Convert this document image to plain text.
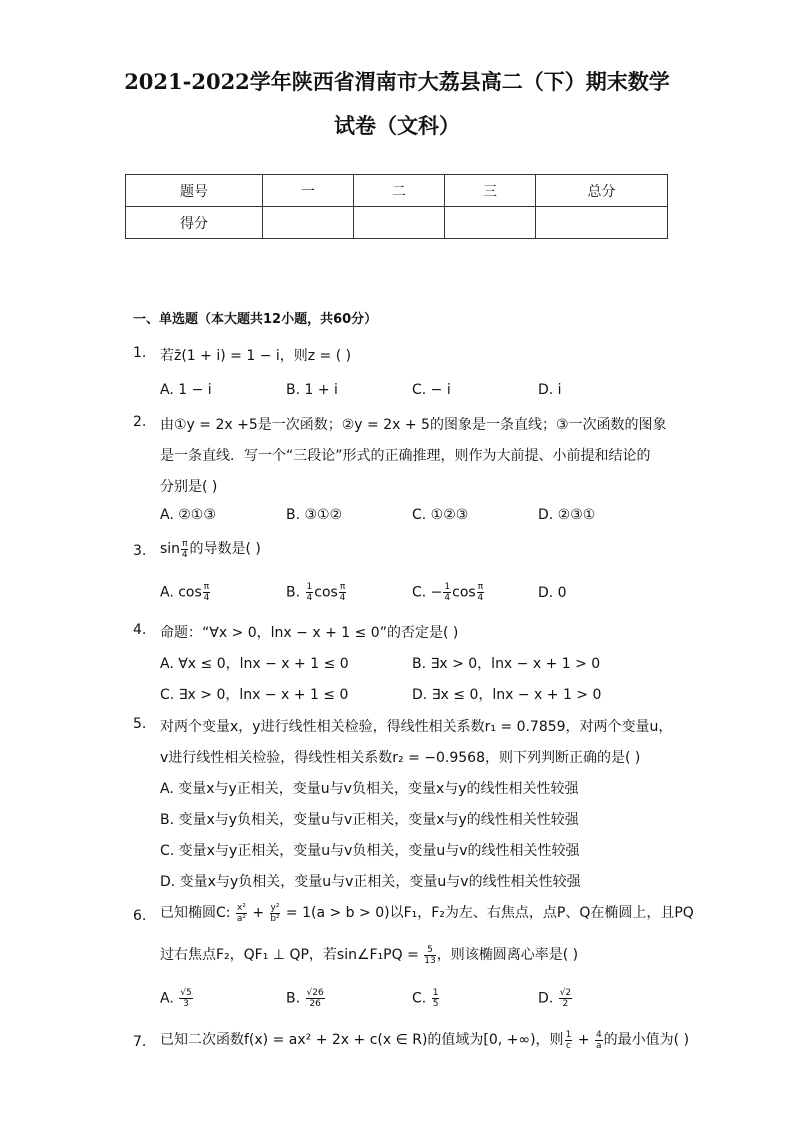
2021-2022学年陕西省渭南市大荔县高二（下）期末数学
试卷（文科）
题号	一	二	三	总分
得分				
一、单选题（本大题共12小题，共60分）
1. 若z̄(1 + i) = 1 − i，则z = ( )
A. 1 − i	B. 1 + i	C. − i	D. i
2. 由①y = 2x +5是一次函数；②y = 2x + 5的图象是一条直线；③一次函数的图象
是一条直线．写一个“三段论”形式的正确推理，则作为大前提、小前提和结论的
分别是( )
A. ②①③	B. ③①②	C. ①②③	D. ②③①
3. $\sin \frac{\pi}{4}$ 的导数是( )
A. $\cos \frac{\pi}{4}$	B. $\frac{1}{4}$ $\cos \frac{\pi}{4}$	C. − $\frac{1}{4}$ $\cos \frac{\pi}{4}$	D. 0
4. 命题：“∀x > 0，lnx − x + 1 ≤ 0”的否定是( )
A. ∀x ≤ 0，lnx − x + 1 ≤ 0	B. ∃x > 0，lnx − x + 1 > 0
C. ∃x > 0，lnx − x + 1 ≤ 0	D. ∃x ≤ 0，lnx − x + 1 > 0
5. 对两个变量x，y进行线性相关检验，得线性相关系数r₁ = 0.7859，对两个变量u，
v进行线性相关检验，得线性相关系数r₂ = −0.9568，则下列判断正确的是( )
A. 变量x与y正相关，变量u与v负相关，变量x与y的线性相关性较强
B. 变量x与y负相关，变量u与v正相关，变量x与y的线性相关性较强
C. 变量x与y正相关，变量u与v负相关，变量u与v的线性相关性较强
D. 变量x与y负相关，变量u与v正相关，变量u与v的线性相关性较强
6. 已知椭圆C: $\frac{\text{x²}}{\text{a²}} + \frac{\text{y²}}{\text{b²}} = 1(a > b > 0)$以F₁，F₂为左、右焦点，点P、Q在椭圆上，且PQ
过右焦点F₂，QF₁ ⊥ QP，若sin∠F₁PQ = $\frac{5}{13}$ ，则该椭圆离心率是( )
A. $\frac{√5}{3}$	B. $\frac{√26}{26}$	C. $\frac{1}{5}$	D. $\frac{√2}{2}$
7. 已知二次函数f(x) = ax² + 2x + c(x ∈ R)的值域为[0, +∞)，则 $\frac{1}{c} + \frac{4}{a}$ 的最小值为( )
